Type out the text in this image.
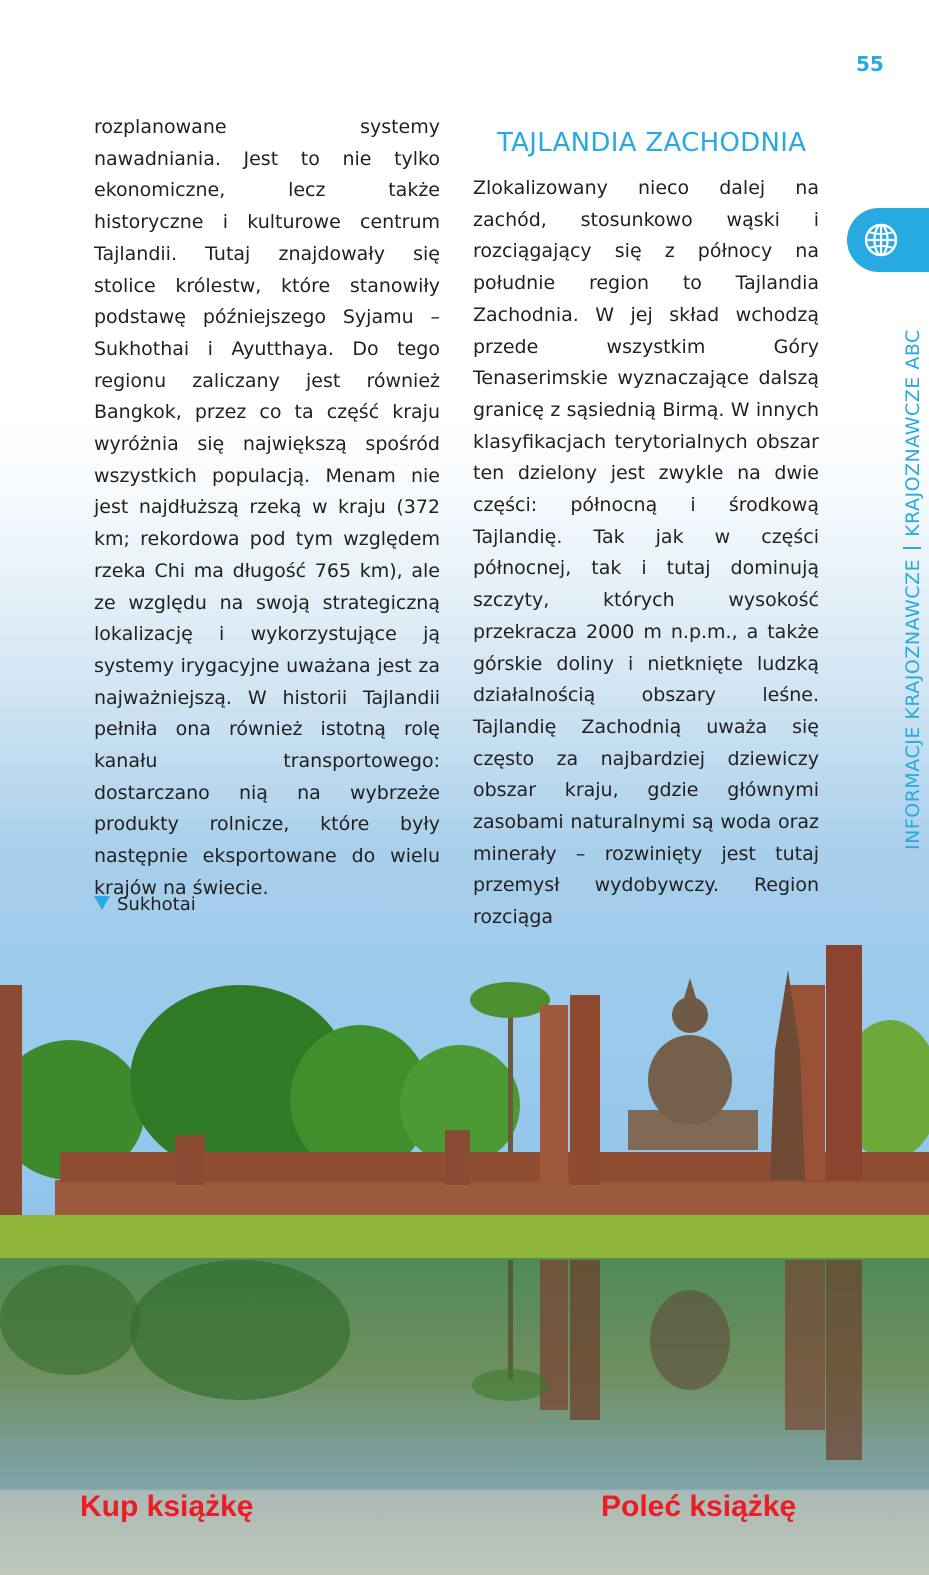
55

rozplanowane systemy nawadniania. Jest to nie tylko ekonomiczne, lecz także historyczne i kulturowe centrum Tajlandii. Tutaj znajdowały się stolice królestw, które stanowiły podstawę późniejszego Syjamu – Sukhothai i Ayutthaya. Do tego regionu zaliczany jest również Bangkok, przez co ta część kraju wyróżnia się największą spośród wszystkich populacją. Menam nie jest najdłuższą rzeką w kraju (372 km; rekordowa pod tym względem rzeka Chi ma długość 765 km), ale ze względu na swoją strategiczną lokalizację i wykorzystujące ją systemy irygacyjne uważana jest za najważniejszą. W historii Tajlandii pełniła ona również istotną rolę kanału transportowego: dostarczano nią na wybrzeże produkty rolnicze, które były następnie eksportowane do wielu krajów na świecie.

TAJLANDIA ZACHODNIA

Zlokalizowany nieco dalej na zachód, stosunkowo wąski i rozciągający się z północy na południe region to Tajlandia Zachodnia. W jej skład wchodzą przede wszystkim Góry Tenaserimskie wyznaczające dalszą granicę z sąsiednią Birmą. W innych klasyfikacjach terytorialnych obszar ten dzielony jest zwykle na dwie części: północną i środkową Tajlandię. Tak jak w części północnej, tak i tutaj dominują szczyty, których wysokość przekracza 2000 m n.p.m., a także górskie doliny i nietknięte ludzką działalnością obszary leśne. Tajlandię Zachodnią uważa się często za najbardziej dziewiczy obszar kraju, gdzie głównymi zasobami naturalnymi są woda oraz minerały – rozwinięty jest tutaj przemysł wydobywczy. Region rozciąga

INFORMACJE KRAJOZNAWCZEKRAJOZNAWCZE ABC
Sukhotai
Kup książkę	Poleć książkę
